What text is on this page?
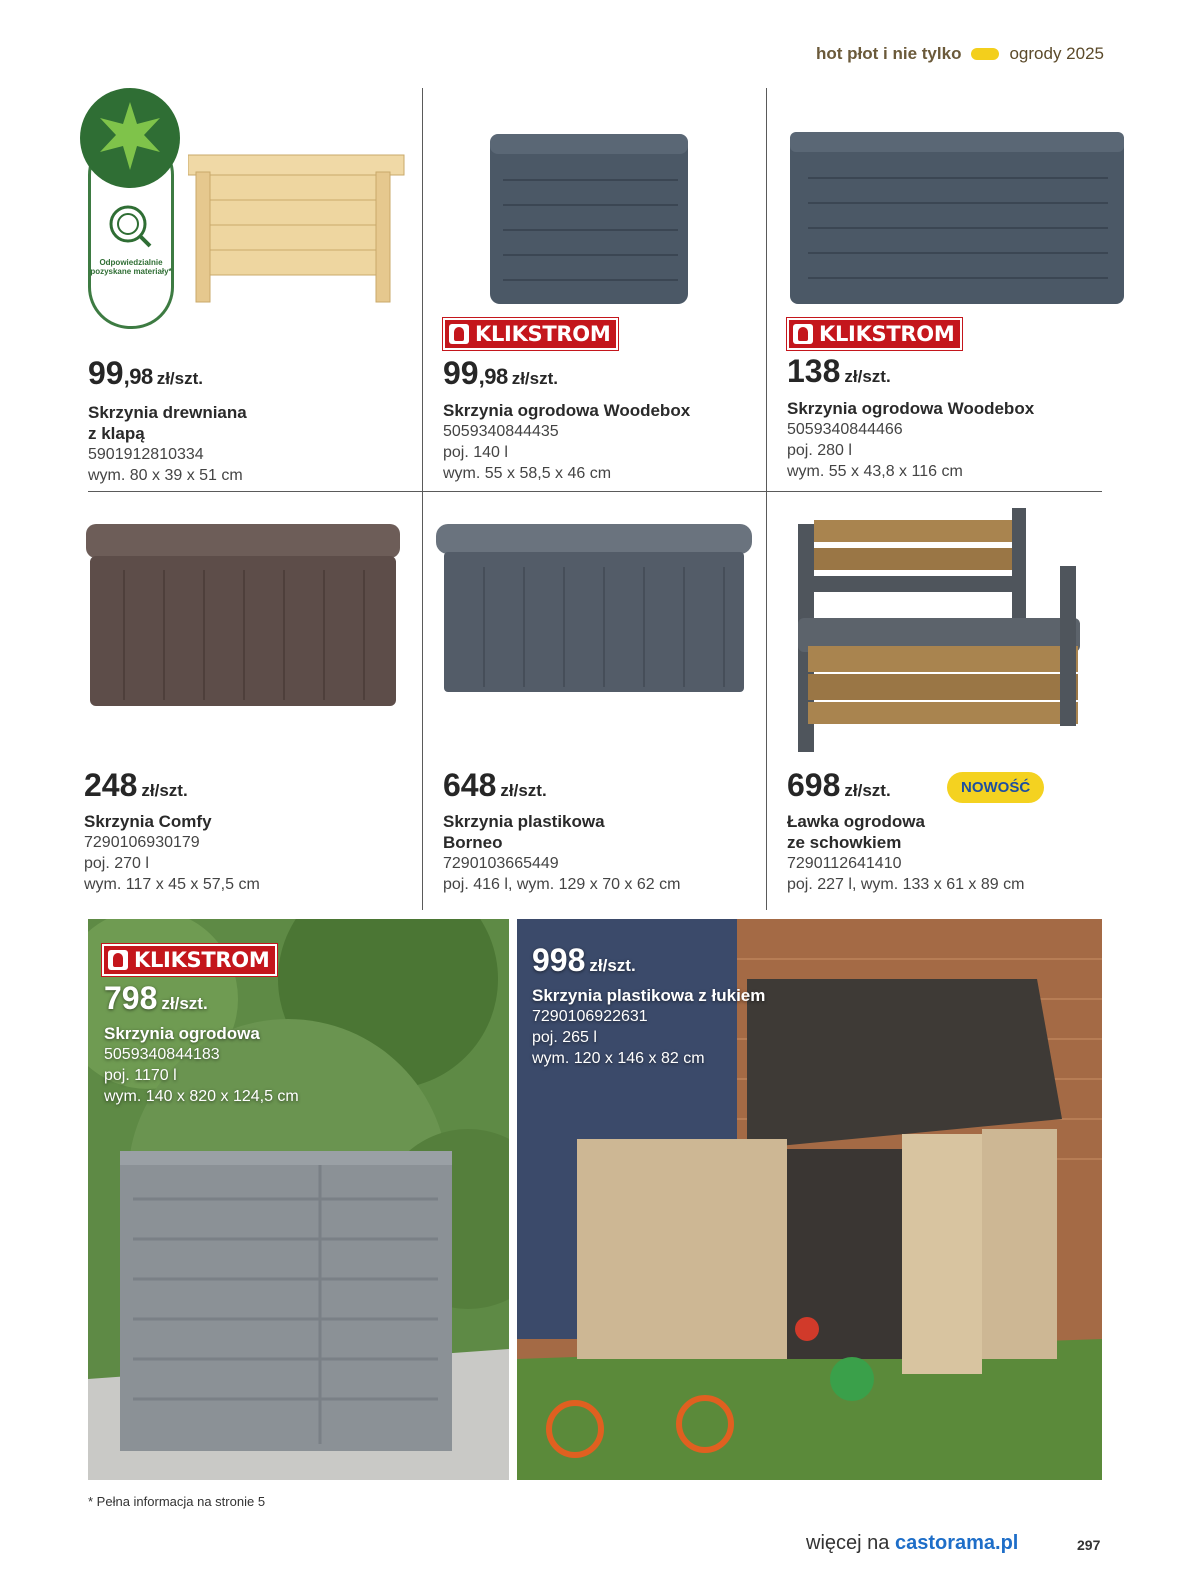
hot płot i nie tylko	ogrody 2025
Odpowiedzialnie pozyskane materiały*
KLIKSTROM	KLIKSTROM
99,98 zł/szt.
Skrzynia drewniana
z klapą
5901912810334
wym. 80 x 39 x 51 cm
99,98 zł/szt.
Skrzynia ogrodowa Woodebox
5059340844435
poj. 140 l
wym. 55 x 58,5 x 46 cm
138 zł/szt.
Skrzynia ogrodowa Woodebox
5059340844466
poj. 280 l
wym. 55 x 43,8 x 116 cm
248 zł/szt.
Skrzynia Comfy
7290106930179
poj. 270 l
wym. 117 x 45 x 57,5 cm
648 zł/szt.
Skrzynia plastikowa
Borneo
7290103665449
poj. 416 l, wym. 129 x 70 x 62 cm
698 zł/szt.
Ławka ogrodowa
ze schowkiem
7290112641410
poj. 227 l, wym. 133 x 61 x 89 cm
NOWOŚĆ
KLIKSTROM
798 zł/szt.
Skrzynia ogrodowa
5059340844183
poj. 1170 l
wym. 140 x 820 x 124,5 cm
998 zł/szt.
Skrzynia plastikowa z łukiem
7290106922631
poj. 265 l
wym. 120 x 146 x 82 cm
* Pełna informacja na stronie 5
więcej na castorama.pl	297
